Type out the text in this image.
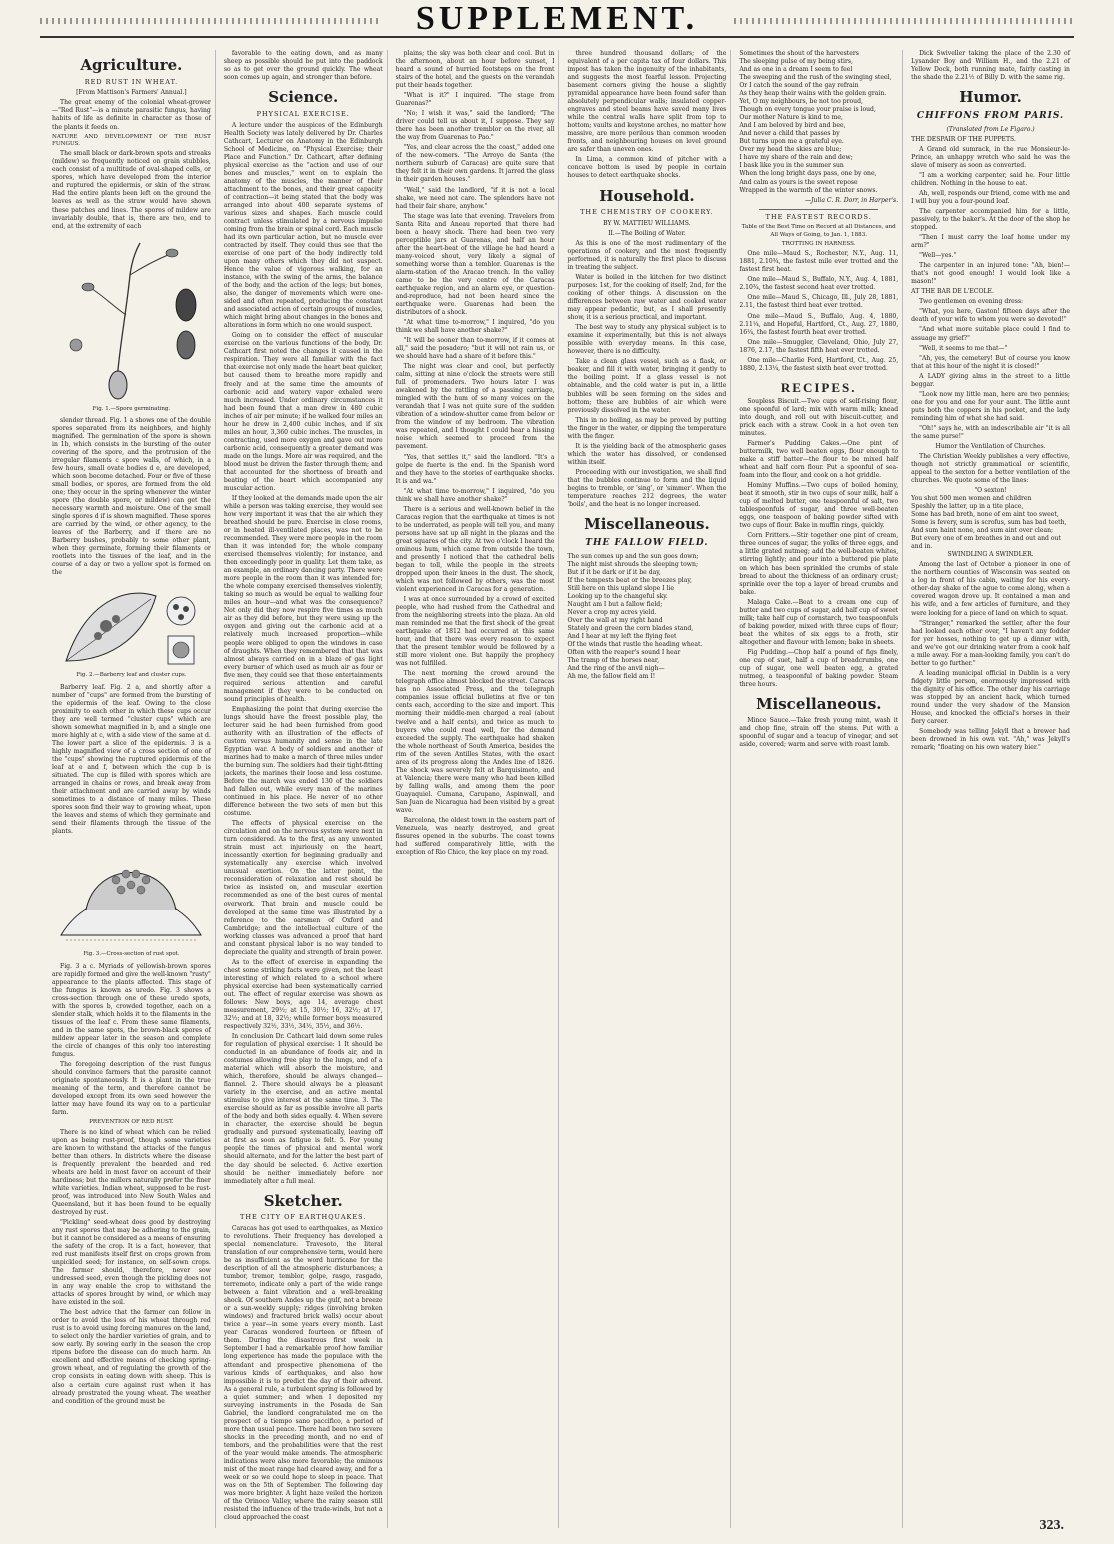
SUPPLEMENT.
Agriculture.
RED RUST IN WHEAT.

[From Mattison's Farmers' Annual.]

The great enemy of the colonial wheat-grower —"Red Rust"—is a minute parasitic fungus, having habits of life as definite in character as those of the plants it feeds on.

NATURE AND DEVELOPMENT OF THE RUST FUNGUS.

The small black or dark-brown spots and streaks (mildew) so frequently noticed on grain stubbles, each consist of a multitude of oval-shaped cells, or spores, which have developed from the interior and ruptured the epidermis, or skin of the straw. Had the entire plants been left on the ground the leaves as well as the straw would have shown these patches and lines. The spores of mildew are invariably double, that is, there are two, end to end, at the extremity of each

Fig. 1.—Spore germinating.

slender thread. Fig. 1 a shows one of the double spores separated from its neighbors, and highly magnified. The germination of the spore is shown in 1b, which consists in the bursting of the outer covering of the spore, and the protrusion of the irregular filaments c spore walls, of which, in a few hours, small ovate bodies d e, are developed, which soon become detached. Four or five of these small bodies, or spores, are formed from the old one; they occur in the spring whenever the winter spore (the double spore, or mildew) can get the necessary warmth and moisture. One of the small single spores d if is shown magnified. These spores are carried by the wind, or other agency, to the leaves of the Barberry, and if there are no Barberry bushes, probably to some other plant, when they germinate, forming their filaments or rootlets into the tissues of the leaf, and in the course of a day or two a yellow spot is formed on the

Fig. 2.—Barberry leaf and cluster cups.

Barberry leaf. Fig. 2 a, and shortly after a number of "cups" are formed from the bursting of the epidermis of the leaf. Owing to the close proximity to each other in which these cups occur they are well termed "cluster cups" which are shown somewhat magnified in b, and a single one more highly at c, with a side view of the same at d. The lower part a slice of the epidermis. 3 is a highly magnified view of a cross section of one of the "cups" showing the ruptured epidermis of the leaf at e and f, between which the cup b is situated. The cup is filled with spores which are arranged in chains or rows, and break away from their attachment and are carried away by winds sometimes to a distance of many miles. These spores soon find their way to growing wheat, upon the leaves and stems of which they germinate and send their filaments through the tissue of the plants.

Fig. 3.—Cross-section of rust spot.

Fig. 3 a c. Myriads of yellowish-brown spores are rapidly formed and give the well-known "rusty" appearance to the plants affected. This stage of the fungus is known as uredo. Fig. 3 shows a cross-section through one of these uredo spots, with the spores b, crowded together, each on a slender stalk, which holds it to the filaments in the tissues of the leaf c. From these same filaments, and in the same spots, the brown-black spores of mildew appear later in the season and complete the circle of changes of this only too interesting fungus.

The foregoing description of the rust fungus should convince farmers that the parasite cannot originate spontaneously. It is a plant in the true meaning of the term, and therefore cannot be developed except from its own seed however the latter may have found its way on to a particular farm.

PREVENTION OF RED RUST.

There is no kind of wheat which can be relied upon as being rust-proof, though some varieties are known to withstand the attacks of the fungus better than others. In districts where the disease is frequently prevalent the bearded and red wheats are held in most favor on account of their hardiness; but the millers naturally prefer the finer white varieties. Indian wheat, supposed to be rust-proof, was introduced into New South Wales and Queensland, but it has been found to be equally destroyed by rust.

"Pickling" seed-wheat does good by destroying any rust spores that may be adhering to the grain, but it cannot be considered as a means of ensuring the safety of the crop. It is a fact, however, that red rust manifests itself first on crops grown from unpickled seed; for instance, on self-sown crops. The farmer should, therefore, never sow undressed seed, even though the pickling does not in any way enable the crop to withstand the attacks of spores brought by wind, or which may have existed in the soil.

The best advice that the farmer can follow in order to avoid the loss of his wheat through red rust is to avoid using forcing manures on the land, to select only the hardier varieties of grain, and to sow early. By sowing early in the season the crop ripens before the disease can do much harm. An excellent and effective means of checking spring-grown wheat, and of regulating the growth of the crop consists in eating down with sheep. This is also a certain cure against rust when it has already prostrated the young wheat. The weather and condition of the ground must be

favorable to the eating down, and as many sheep as possible should be put into the paddock so as to get over the ground quickly. The wheat soon comes up again, and stronger than before.

Science.
PHYSICAL EXERCISE.

A lecture under the auspices of the Edinburgh Health Society was lately delivered by Dr. Charles Cathcart, Lecturer on Anatomy in the Edinburgh School of Medicine, on "Physical Exercise; their Place and Function." Dr. Cathcart, after defining physical exercise as the "action and use of our bones and muscles," went on to explain the anatomy of the muscles, the manner of their attachment to the bones, and their great capacity of contraction—it being stated that the body was arranged into about 400 separate systems of various sizes and shapes. Each muscle could contract unless stimulated by a nervous impulse coming from the brain or spinal cord. Each muscle had its own particular action, but no muscle ever contracted by itself. They could thus see that the exercise of one part of the body indirectly told upon many others which they did not suspect. Hence the value of vigorous walking, for an instance, with the swing of the arms, the balance of the body, and the action of the legs; but bones, also, the danger of movements which were one-sided and often repeated, producing the constant and associated action of certain groups of muscles, which might bring about changes in the bones and alterations in form which no one would suspect.

Going on to consider the effect of muscular exercise on the various functions of the body, Dr. Cathcart first noted the changes it caused in the respiration. They were all familiar with the fact that exercise not only made the heart beat quicker, but caused them to breathe more rapidly and freely and at the same time the amounts of carbonic acid and watery vapor exhaled were much increased. Under ordinary circumstances it had been found that a man drew in 480 cubic inches of air per minute; if he walked four miles an hour he drew in 2,400 cubic inches, and if six miles an hour, 3,360 cubic inches. The muscles, in contracting, used more oxygen and gave out more carbonic acid, consequently a greater demand was made on the lungs. More air was required, and the blood must be driven the faster through them; and that accounted for the shortness of breath and beating of the heart which accompanied any muscular action.

If they looked at the demands made upon the air while a person was taking exercise, they would see how very important it was that the air which they breathed should be pure. Exercise in close rooms, or in heated ill-ventilated places, was not to be recommended. They were more people in the room than it was intended for; the whole company exercised themselves violently; for instance, and then exceedingly poor in quality. Let them take, as an example, an ordinary dancing party. There were more people in the room than it was intended for; the whole company exercised themselves violently, taking so much as would be equal to walking four miles an hour—and what was the consequence? Not only did they now respire five times as much air as they did before, but they were using up the oxygen and giving out the carbonic acid at a relatively much increased proportion—while people were obliged to open the windows in case of draughts. When they remembered that that was almost always carried on in a blaze of gas light every burner of which used as much air as four or five men, they could see that those entertainments required serious attention and careful management if they were to be conducted on sound principles of health.

Emphasizing the point that during exercise the lungs should have the freest possible play, the lecturer said he had been furnished from good authority with an illustration of the effects of custom versus humanity and sense in the late Egyptian war. A body of soldiers and another of marines had to make a march of three miles under the burning sun. The soldiers had their tight-fitting jackets, the marines their loose and less costume. Before the march was ended 130 of the soldiers had fallen out, while every man of the marines continued in his place. He never of no other difference between the two sets of men but this costume.

The effects of physical exercise on the circulation and on the nervous system were next in turn considered. As to the first, as any unwonted strain must act injuriously on the heart, incessantly exertion for beginning gradually and systematically any exercise which involved unusual exertion. On the latter point, the reconsideration of relaxation and rest should be twice as insisted on, and muscular exertion recommended as one of the best cures of mental overwork. That brain and muscle could be developed at the same time was illustrated by a reference to the oarsmen of Oxford and Cambridge; and the intellectual culture of the working classes was advanced a proof that hard and constant physical labor is no way tended to depreciate the quality and strength of brain power.

As to the effect of exercise in expanding the chest some striking facts were given, not the least interesting of which related to a school where physical exercise had been systematically carried out. The effect of regular exercise was shown as follows: New boys, age 14, average chest measurement, 29½; at 15, 30½; 16, 32½; at 17, 32½; and at 18, 32½; while former boys measured respectively 32½, 33½, 34½, 35½, and 36½.

In conclusion Dr. Cathcart laid down some rules for regulation of physical exercise: 1 It should be conducted in an abundance of foods air, and in costumes allowing free play to the lungs, and of a material which will absorb the moisture, and which, therefore, should be always changed—flannel. 2. There should always be a pleasant variety in the exercise, and an active mental stimulus to give interest at the same time. 3. The exercise should as far as possible involve all parts of the body and both sides equally. 4. When severe in character, the exercise should be begun gradually and pursued systematically, leaving off at first as soon as fatigue is felt. 5. For young people the times of physical and mental work should alternate, and for the latter the best part of the day should be selected. 6. Active exertion should be neither immediately before nor immediately after a full meal.

Sketcher.
THE CITY OF EARTHQUAKES.

Caracas has got used to earthquakes, as Mexico to revolutions. Their frequency has developed a special nomenclature. Travesoto, the literal translation of our comprehensive term, would here be as insufficient as the word hurricane for the description of all the atmospheric disturbances; a tumbor, tremor, temblor, golpe, rasgo, rasgado, terremoto, indicate only a part of the wide range between a faint vibration and a well-breaking shock. Of southern Andes up the gulf, not a breeze or a sun-weekly supply; ridges (involving broken windows) and fractured brick walls) occur about twice a year—in some years every month. Last year Caracas wondered fourteen or fifteen of them. During the disastrous first week in September I had a remarkable proof how familiar long experience has made the populace with the attendant and prospective phenomena of the various kinds of earthquakes, and also how impossible it is to predict the day of their advent. As a general rule, a turbulent spring is followed by a quiet summer; and when I deposited my surveying instruments in the Posada de San Gabriel, the landlord congratulated me on the prospect of a tiempo sano paccifico, a period of more than usual peace. There had been two severe shocks in the preceding month, and no end of tembors, and the probabilities were that the rest of the year would make amends. The atmospheric indications were also more favorable; the ominous mist of the moat range had cleared away, and for a week or so we could hope to sleep in peace. That was on the 5th of September. The following day was more brighter. A light haze veiled the horizon of the Orinoco Valley, where the rainy season still resisted the influence of the trade-winds, but not a cloud approached the coast

plains; the sky was both clear and cool. But in the afternoon, about an hour before sunset, I heard a sound of hurried footsteps on the front stairs of the hotel, and the guests on the verandah put their heads together.

"What is it?" I inquired. "The stage from Guarenas?"

"No; I wish it was," said the landlord; "The driver could tell us about it, I suppose. They say there has been another tremblor on the river, all the way from Guarenas to Pao."

"Yes, and clear across the the coast," added one of the new-comers. "The Arroyo de Santa (the northern suburb of Caracas) are quite sure that they felt it in their own gardens. It jarred the glass in their garden houses."

"Well," said the landlord, "if it is not a local shake, we need not care. The splendors have not had their fair share, anyhow."

The stage was late that evening. Travelers from Santa Rita and Aneau reported that there had been a heavy shock. There had been two very perceptible jars at Guarenas, and half an hour after the heart-beat of the village he had heard a many-voiced shout, very likely a signal of something worse than a temblor. Guarenas is the alarm-station of the Aracao trench. In the valley came to be the very centre of the Caracas earthquake region, and an alarm eye, or question-and-reproduce, had not been heard since the earthquake were. Guarenas had been the distributors of a shock.

"At what time to-morrow," I inquired, "do you think we shall have another shake?"

"It will be sooner than to-morrow, if it comes at all," said the posadero; "but it will not rain us, or we should have had a share of it before this."

The night was clear and cool, but perfectly calm, sitting at nine o'clock the streets were still full of promenaders. Two hours later I was awakened by the rattling of a passing carriage, mingled with the hum of so many voices on the verandah that I was not quite sure of the sudden vibration of a window-shutter came from below or from the window of my bedroom. The vibration was repeated, and I thought I could hear a hissing noise which seemed to proceed from the pavement.

"Yes, that settles it," said the landlord. "It's a golpe de fuerte is the end. In the Spanish word and they have to the stories of earthquake shocks. It is and wa."

"At what time to-morrow," I inquired, "do you think we shall have another shake?"

There is a serious and well-known belief in the Caracas region that the earthquake at times is not to be underrated, as people will tell you, and many persons have sat up all night in the plazas and the great squares of the city. At two o'clock I heard the ominous hum, which came from outside the town, and presently I noticed that the cathedral bells began to toll, while the people in the streets dropped upon their knees in the dust. The shock, which was not followed by others, was the most violent experienced in Caracas for a generation.

I was at once surrounded by a crowd of excited people, who had rushed from the Cathedral and from the neighboring streets into the plaza. An old man reminded me that the first shock of the great earthquake of 1812 had occurred at this same hour, and that there was every reason to expect that the present temblor would be followed by a still more violent one. But happily the prophecy was not fulfilled.

The next morning the crowd around the telegraph office almost blocked the street. Caracas has no Associated Press, and the telegraph companies issue official bulletins at five or ten cents each, according to the size and import. This morning their middle-men charged a real (about twelve and a half cents), and twice as much to buyers who could read well, for the demand exceeded the supply. The earthquake had shaken the whole northeast of South America, besides the rim of the seven Antilles States, with the exact area of its progress along the Andes line of 1826. The shock was severely felt at Barquisimeto, and at Valencia; there were many who had been killed by falling walls, and among them the poor Guayaquiel. Cumana, Carupano, Aspinwall, and San Juan de Nicaragua had been visited by a great wave.

Barcelona, the oldest town in the eastern part of Venezuela, was nearly destroyed, and great fissures opened in the suburbs. The coast towns had suffered comparatively little, with the exception of Rio Chico, the key place on my road.

three hundred thousand dollars; of the equivalent of a per capita tax of four dollars. This impost has taken the ingenuity of the inhabitants, and suggests the most fearful lesson. Projecting basement corners giving the house a slightly pyramidal appearance have been found safer than absolutely perpendicular walls; insulated copper-engraves and steel beams have saved many lives while the central walls have split from top to bottom; vaults and keystone arches, no matter how massive, are more perilous than common wooden fronts, and neighbouring houses on level ground are safer than uneven ones.

In Lima, a common kind of pitcher with a concave bottom is used by people in certain houses to detect earthquake shocks.

Household.
THE CHEMISTRY OF COOKERY.

BY W. MATTIEU WILLIAMS.

II.—The Boiling of Water.

As this is one of the most rudimentary of the operations of cookery, and the most frequently performed, it is naturally the first place to discuss in treating the subject.

Water is boiled in the kitchen for two distinct purposes: 1st, for the cooking of itself; 2nd, for the cooking of other things. A discussion on the differences between raw water and cooked water may appear pedantic, but, as I shall presently show, it is a serious practical, and important.

The best way to study any physical subject is to examine it experimentally, but this is not always possible with everyday means. In this case, however, there is no difficulty.

Take a clean glass vessel, such as a flask, or beaker, and fill it with water, bringing it gently to the boiling point. If a glass vessel is not obtainable, and the cold water is put in, a little bubbles will be seen forming on the sides and bottom; these are bubbles of air which were previously dissolved in the water.

This in no boiling, as may be proved by putting the finger in the water, or dipping the temperature with the finger.

It is the yielding back of the atmospheric gases which the water has dissolved, or condensed within itself.

Proceeding with our investigation, we shall find that the bubbles continue to form and the liquid begins to tremble, or 'sing', or 'simmer'. When the temperature reaches 212 degrees, the water 'boils', and the heat is no longer increased.

Miscellaneous.
THE FALLOW FIELD.

The sun comes up and the sun goes down;

The night mist shrouds the sleeping town;

But if it be dark or if it be day,

If the tempests beat or the breezes play,

Still here on this upland slope I lie

Looking up to the changeful sky.

Naught am I but a fallow field;

Never a crop my acres yield.

Over the wall at my right hand

Stately and green the corn blades stand,

And I hear at my left the flying feet

Of the winds that rustle the heading wheat.

Often with the reaper's sound I hear

The tramp of the horses near,

And the ring of the anvil nigh—

Ah me, the fallow field am I!

Sometimes the shout of the harvesters

The sleeping pulse of my being stirs,

And as one in a dream I seem to feel

The sweeping and the rush of the swinging steel,

Or I catch the sound of the gay refrain

As they heap their wains with the golden grain.

Yet, O my neighbours, be not too proud,

Though on every tongue your praise is loud,

Our mother Nature is kind to me,

And I am beloved by bird and bee,

And never a child that passes by

But turns upon me a grateful eye.

Over my head the skies are blue;

I have my share of the rain and dew;

I bask like you in the summer sun

When the long bright days pass, one by one,

And calm as yours is the sweet repose

Wrapped in the warmth of the winter snows.

—Julia C. R. Dorr, in Harper's.
THE FASTEST RECORDS.

Table of the Best Time on Record at all Distances, and All Ways of Going, to Jan. 1, 1883.

TROTTING IN HARNESS.

One mile—Maud S., Rochester, N.Y., Aug. 11, 1881, 2.10¾, the fastest mile ever trotted and the fastest first heat.

One mile—Maud S., Buffalo, N.Y., Aug. 4, 1881, 2.10¾, the fastest second heat ever trotted.

One mile—Maud S., Chicago, Ill., July 28, 1881, 2.11, the fastest third heat ever trotted.

One mile—Maud S., Buffalo, Aug. 4, 1880, 2.11¼, and Hopeful, Hartford, Ct., Aug. 27, 1880, 16¼, the fastest fourth heat ever trotted.

One mile—Smuggler, Cleveland, Ohio, July 27, 1876, 2.17, the fastest fifth heat ever trotted.

One mile—Charlie Ford, Hartford, Ct., Aug. 25, 1880, 2.13¼, the fastest sixth heat ever trotted.

RECIPES.

Soupless Biscuit.—Two cups of self-rising flour, one spoonful of lard; mix with warm milk; knead into dough, and roll out with biscuit-cutter, and prick each with a straw. Cook in a hot oven ten minutes.

Farmer's Pudding Cakes.—One pint of buttermilk, two well beaten eggs, flour enough to make a stiff batter—the flour to be mixed half wheat and half corn flour. Put a spoonful of sea-foam into the flour, and cook on a hot griddle.

Hominy Muffins.—Two cups of boiled hominy, beat it smooth, stir in two cups of sour milk, half a cup of melted butter, one teaspoonful of salt, two tablespoonfuls of sugar, and three well-beaten eggs, one teaspoon of baking powder sifted with two cups of flour. Bake in muffin rings, quickly.

Corn Fritters.—Stir together one pint of cream, three ounces of sugar, the yolks of three eggs, and a little grated nutmeg; add the well-beaten whites, stirring lightly; and pour into a buttered pie plate on which has been sprinkled the crumbs of stale bread to about the thickness of an ordinary crust; sprinkle over the top a layer of bread crumbs and bake.

Malaga Cake.—Beat to a cream one cup of butter and two cups of sugar, add half cup of sweet milk; take half cup of cornstarch, two teaspoonfuls of baking powder, mixed with three cups of flour; beat the whites of six eggs to a froth, stir altogether and flavour with lemon; bake in sheets.

Fig Pudding.—Chop half a pound of figs finely, one cup of suet, half a cup of breadcrumbs, one cup of sugar, one well beaten egg, a grated nutmeg, a teaspoonful of baking powder. Steam three hours.

Miscellaneous.

Mince Sauce.—Take fresh young mint, wash it and chop fine, strain off the stems. Put with a spoonful of sugar and a teacup of vinegar, and set aside, covered; warm and serve with roast lamb.

Dick Swiveller taking the place of the 2.30 of Lysander Boy and William H., and the 2.21 of Yellow Dock, both running mate, fairly casting in the shade the 2.21½ of Billy D. with the same rig.

Humor.
CHIFFONS FROM PARIS.

(Translated from Le Figaro.)

THE DESPAIR OF THE PUPPETS.

A Grand old sumrack, in the rue Monsieur-le-Prince, an unhappy wretch who said he was the slave of misery as soon as converted.

"I am a working carpenter, said he. Four little children. Nothing in the house to eat.

Ah, well, responds our friend, come with me and I will buy you a four-pound loaf.

The carpenter accompanied him for a little, passively, to the baker's. At the door of the shop he stopped.

"Then I must carry the loaf home under my arm?"

"Well—yes."

The carpenter in an injured tone: "Ah, bien!—that's not good enough! I would look like a mason!"

AT THE BAR DE L'ECOLE.

Two gentlemen on evening dress:

"What, you here, Gaston! fifteen days after the death of your wife to whom you were so devoted!"

"And what more suitable place could I find to assuage my grief?"

"Well, it seems to me that—"

"Ah, yes, the cemetery! But of course you know that at this hour of the night it is closed!"

A LADY giving alms in the street to a little beggar.

"Look now my little man, here are two pennies; one for you and one for your aunt. The little aunt puts both the coppers in his pocket, and the lady reminding him of what she had said.

"Oh!" says he, with an indescribable air "it is all the same purse!"

Humor the Ventilation of Churches.

The Christian Weekly publishes a very effective, though not strictly grammatical or scientific, appeal to the sexton for a better ventilation of the churches. We quote some of the lines:

"O sexton!

You shut 500 men women and children

Speshly the latter, up in a tite place,

Some has bad breth, none of em aint too sweet,

Some is fevery, sum is scrofus, sum has bad teeth,

And sum haint none, and sum aint over clean;

But every one of em breathes in and out and out and in.

SWINDLING A SWINDLER.

Among the last of October a pioneer in one of the northern counties of Wisconsin was seated on a log in front of his cabin, waiting for his every-other-day shake of the ague to come along, when a covered wagon drove up. It contained a man and his wife, and a few articles of furniture, and they were looking for a piece of land on which to squat.

"Stranger," remarked the settler, after the four had looked each other over, "I haven't any fodder for yer hosses, nothing to get up a dinner with, and we've got our drinking water from a cook half a mile away. For a man-looking family, you can't do better to go further."

A leading municipal official in Dublin is a very fidgety little person, enormously impressed with the dignity of his office. The other day his carriage was stopped by an ancient hack, which turned round under the very shadow of the Mansion House, and knocked the official's horses in their fiery career.

Somebody was telling Jekyll that a brewer had been drowned in his own vat. "Ah," was Jekyll's remark; "floating on his own watery bier."

323.
